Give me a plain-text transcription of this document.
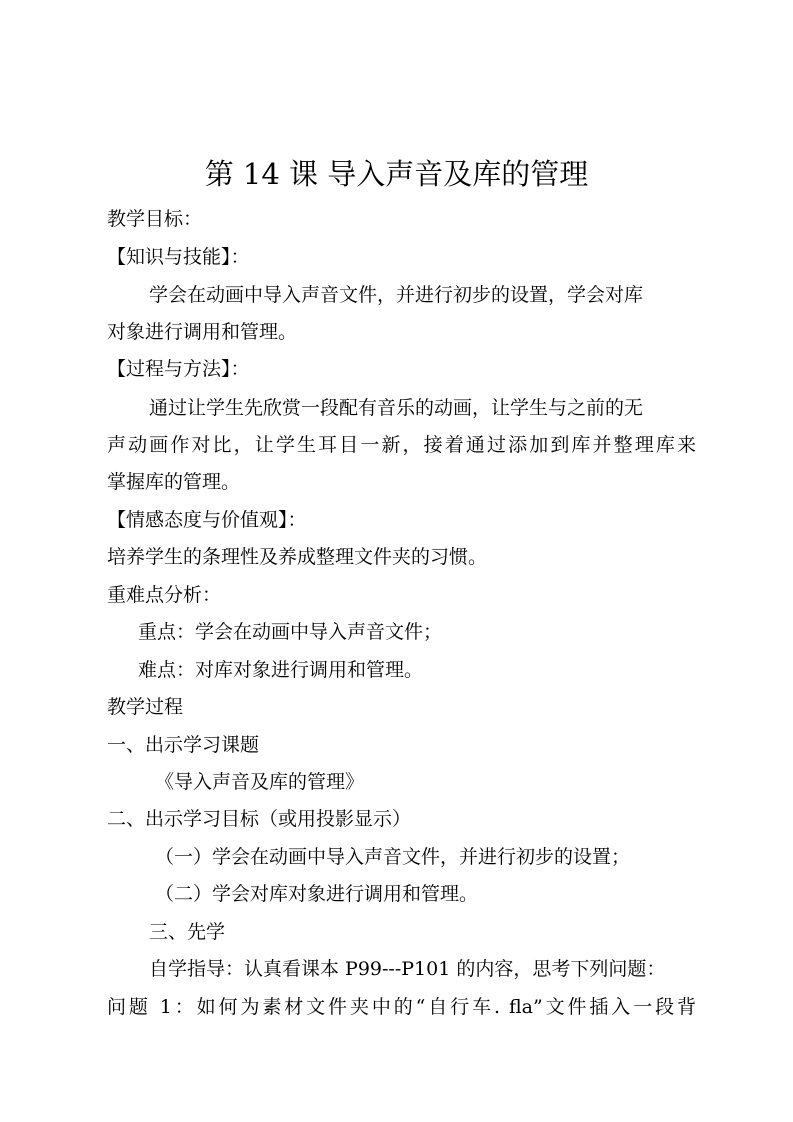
第 14 课 导入声音及库的管理
教学目标：
【知识与技能】：
学会在动画中导入声音文件，并进行初步的设置，学会对库
对象进行调用和管理。
【过程与方法】：
通过让学生先欣赏一段配有音乐的动画，让学生与之前的无
声动画作对比，让学生耳目一新，接着通过添加到库并整理库来
掌握库的管理。
【情感态度与价值观】：
培养学生的条理性及养成整理文件夹的习惯。
重难点分析：
重点：学会在动画中导入声音文件；
难点：对库对象进行调用和管理。
教学过程
一、出示学习课题
《导入声音及库的管理》
二、出示学习目标（或用投影显示）
（一）学会在动画中导入声音文件，并进行初步的设置；
（二）学会对库对象进行调用和管理。
三、先学
自学指导：认真看课本 P99---P101 的内容，思考下列问题：
问题 1：如何为素材文件夹中的“自行车. fla”文件插入一段背
